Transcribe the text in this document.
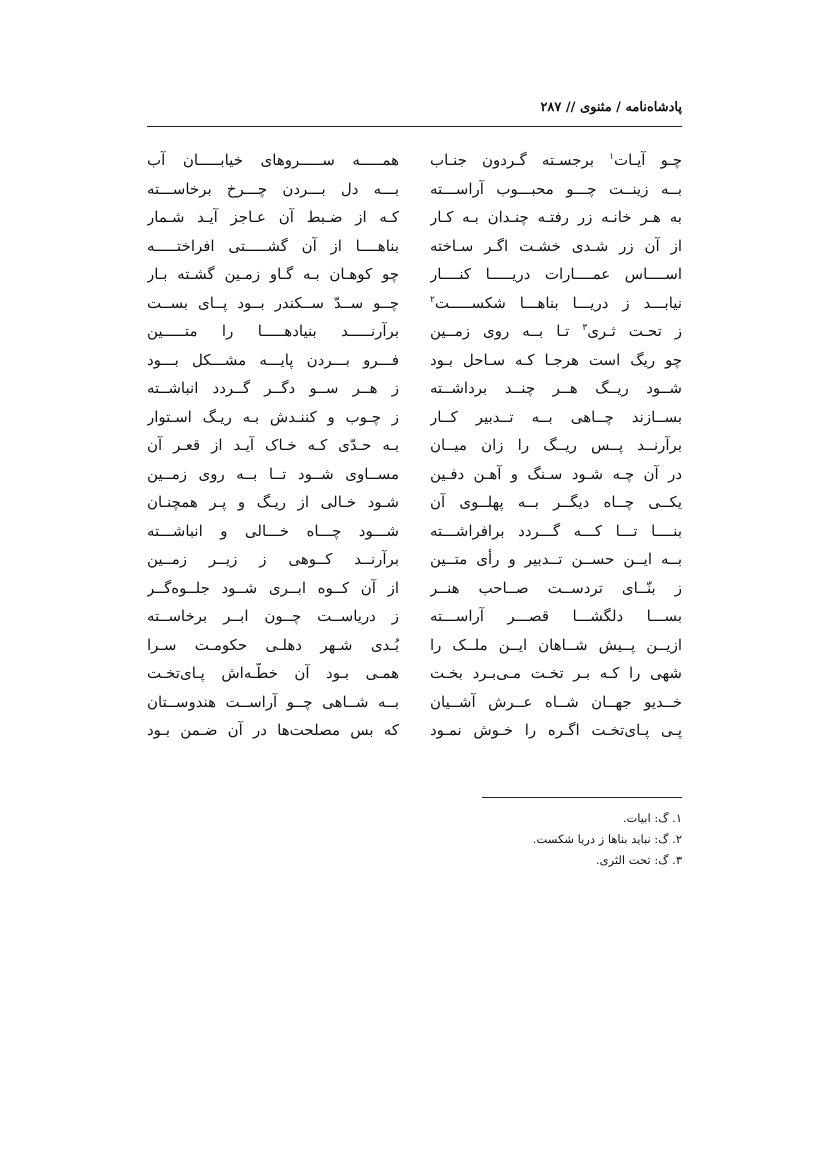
پادشاه‌نامه / مثنوی // ۲۸۷
چـو آیـات$^۱$ برجسـته گـردون جنـاب
همـــــه ســـــروهای خیابـــــان آب
بــه زینــت چـــو محبـــوب آراســـته
بـــه دل بـــردن چـــرخ برخاســـته
به هـر خانـه زر رفتـه چنـدان بـه کـار
کـه از ضـبط آن عـاجز آیـد شـمار
از آن زر شـدی خشـت اگـر سـاخته
بناهــــا از آن گشـــــتی افراختـــــه
اســــاس عمــــارات دریـــــا کنــــار
چو کوهـان بـه گـاو زمـین گشـته بـار
نیابـــد ز دریـــا بناهـــا شکســـــت$^۲$
چــو ســدّ ســکندر بــود پــای بســت
ز تحـت ثـری$^۳$ تـا بــه روی زمــین
برآرنـــــد بنیادهـــــا را متـــــین
چو ریگ است هرجـا کـه سـاحل بـود
فـــرو بـــردن پایـــه مشـــکل بـــود
شــود ریــگ هــر چنــد برداشــته
ز هــر ســو دگــر گــردد انباشــته
بســازند چــاهی بــه تــدبیر کــار
ز چـوب و کننـدش بـه ریـگ اسـتوار
برآرنــد پــس ریــگ را زان میــان
بـه حـدّی کـه خـاک آیـد از قعـر آن
در آن چـه شـود سـنگ و آهـن دفـین
مســاوی شــود تــا بــه روی زمــین
یکــی چــاه دیگــر بــه پهلــوی آن
شـود خـالی از ریـگ و پـر همچنـان
بنــــا تـــا کـــه گـــردد برافراشـــته
شـــود چـــاه خـــالی و انباشـــته
بــه ایــن حســن تــدبیر و رأی متــین
برآرنــد کــوهی ز زیــر زمــین
ز بنّــای تردســت صــاحب هنــر
از آن کــوه ابــری شــود جلــوه‌گــر
بســـا دلگشـــا قصـــر آراســـته
ز دریاســت چــون ابــر برخاســته
ازیــن پــیش شــاهان ایــن ملــک را
بُـدی شـهر دهلـی حکومـت سـرا
شهی را کـه بـر تخـت مـی‌بـرد بخـت
همـی بـود آن خطّـه‌اش پـای‌تخـت
خــدیو جهــان شــاه عــرش آشــیان
بــه شــاهی چــو آراســت هندوســتان
پـی پـای‌تخـت اگـره را خـوش نمـود
که بس مصلحت‌ها در آن ضـمن بـود
۱. گ: ابیات.
۲. گ: نباید بناها ز دریا شکست.
۳. گ: تحت الثری.
